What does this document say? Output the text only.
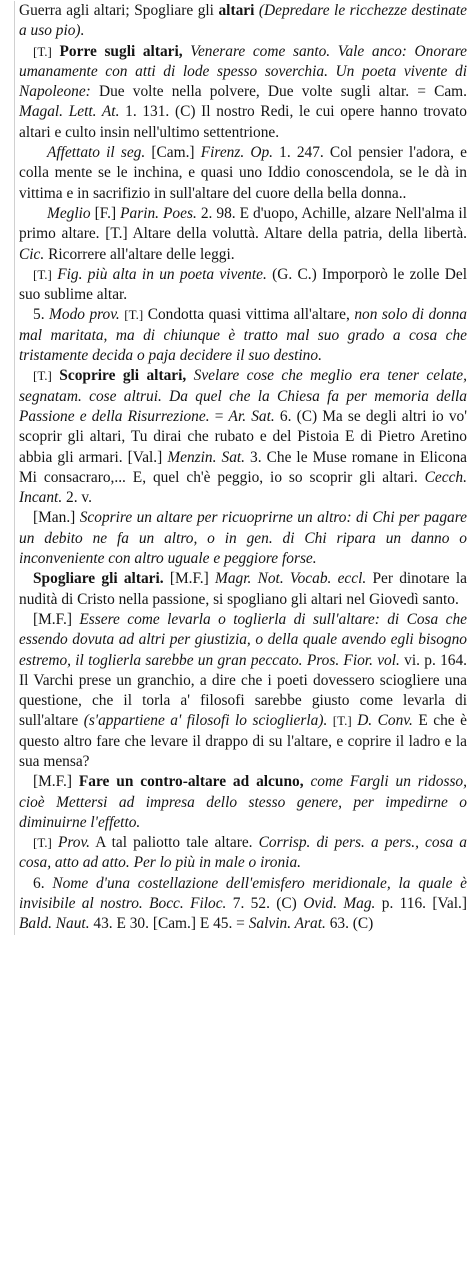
Guerra agli altari; Spogliare gli altari (Depredare le ricchezze destinate a uso pio).

[T.] Porre sugli altari, Venerare come santo. Vale anco: Onorare umanamente con atti di lode spesso soverchia. Un poeta vivente di Napoleone: Due volte nella polvere, Due volte sugli altar. = Cam. Magal. Lett. At. 1. 131. (C) Il nostro Redi, le cui opere hanno trovato altari e culto insin nell'ultimo settentrione.

Affettato il seg. [Cam.] Firenz. Op. 1. 247. Col pensier l'adora, e colla mente se le inchina, e quasi uno Iddio conoscendola, se le dà in vittima e in sacrifizio in sull'altare del cuore della bella donna..

Meglio [F.] Parin. Poes. 2. 98. E d'uopo, Achille, alzare Nell'alma il primo altare. [T.] Altare della voluttà. Altare della patria, della libertà. Cic. Ricorrere all'altare delle leggi.

[T.] Fig. più alta in un poeta vivente. (G. C.) Imporporò le zolle Del suo sublime altar.

5. Modo prov. [T.] Condotta quasi vittima all'altare, non solo di donna mal maritata, ma di chiunque è tratto mal suo grado a cosa che tristamente decida o paja decidere il suo destino.

[T.] Scoprire gli altari, Svelare cose che meglio era tener celate, segnatam. cose altrui. Da quel che la Chiesa fa per memoria della Passione e della Risurrezione. = Ar. Sat. 6. (C) Ma se degli altri io vo' scoprir gli altari, Tu dirai che rubato e del Pistoia E di Pietro Aretino abbia gli armari. [Val.] Menzin. Sat. 3. Che le Muse romane in Elicona Mi consacraro,... E, quel ch'è peggio, io so scoprir gli altari. Cecch. Incant. 2. v.

[Man.] Scoprire un altare per ricuoprirne un altro: di Chi per pagare un debito ne fa un altro, o in gen. di Chi ripara un danno o inconveniente con altro uguale e peggiore forse.

Spogliare gli altari. [M.F.] Magr. Not. Vocab. eccl. Per dinotare la nudità di Cristo nella passione, si spogliano gli altari nel Giovedì santo.

[M.F.] Essere come levarla o toglierla di sull'altare: di Cosa che essendo dovuta ad altri per giustizia, o della quale avendo egli bisogno estremo, il toglierla sarebbe un gran peccato. Pros. Fior. vol. vi. p. 164. Il Varchi prese un granchio, a dire che i poeti dovessero sciogliere una questione, che il torla a' filosofi sarebbe giusto come levarla di sull'altare (s'appartiene a' filosofi lo scioglierla). [T.] D. Conv. E che è questo altro fare che levare il drappo di su l'altare, e coprire il ladro e la sua mensa?

[M.F.] Fare un contro-altare ad alcuno, come Fargli un ridosso, cioè Mettersi ad impresa dello stesso genere, per impedirne o diminuirne l'effetto.

[T.] Prov. A tal paliotto tale altare. Corrisp. di pers. a pers., cosa a cosa, atto ad atto. Per lo più in male o ironia.

6. Nome d'una costellazione dell'emisfero meridionale, la quale è invisibile al nostro. Bocc. Filoc. 7. 52. (C) Ovid. Mag. p. 116. [Val.] Bald. Naut. 43. E 30. [Cam.] E 45. = Salvin. Arat. 63. (C)
